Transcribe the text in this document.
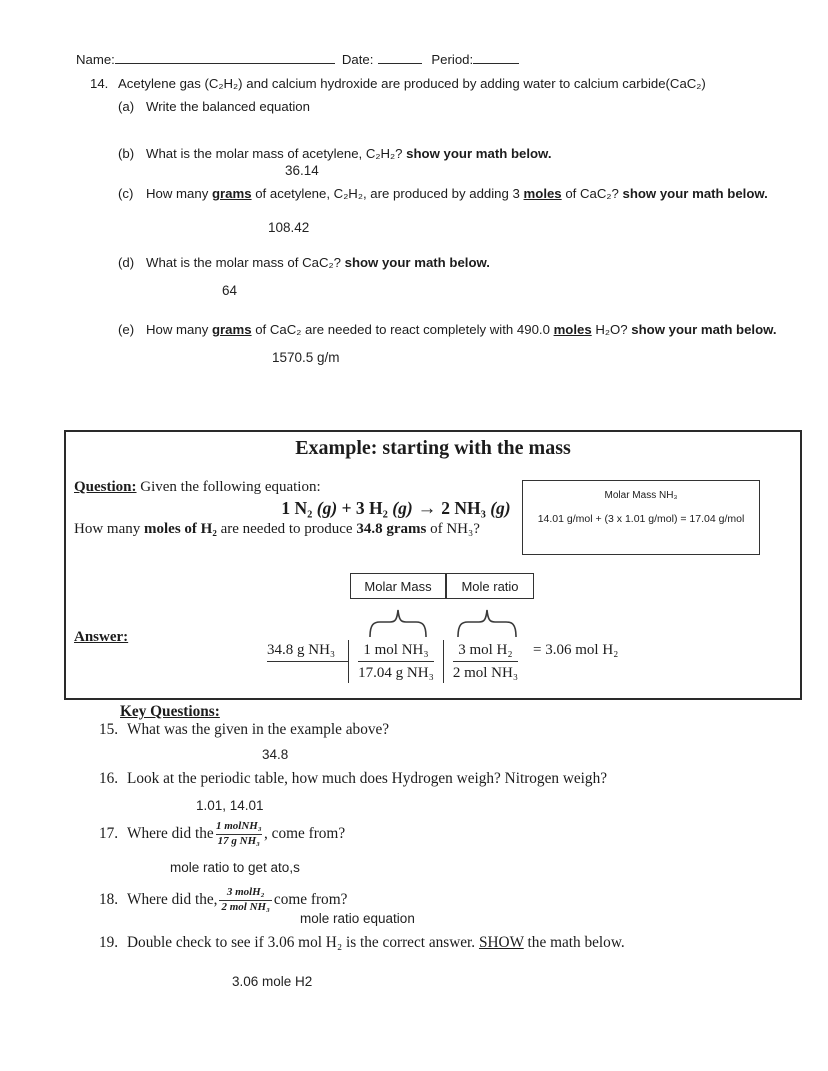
Name:	Date:	Period:
14. Acetylene gas (C₂H₂) and calcium hydroxide are produced by adding water to calcium carbide(CaC₂)
(a) Write the balanced equation
(b) What is the molar mass of acetylene, C₂H₂? show your math below.
36.14
(c) How many grams of acetylene, C₂H₂, are produced by adding 3 moles of CaC₂? show your math below.
108.42
(d) What is the molar mass of CaC₂? show your math below.
64
(e) How many grams of CaC₂ are needed to react completely with 490.0 moles H₂O? show your math below.
1570.5 g/m
Example: starting with the mass
Question: Given the following equation:
1 N₂ (g) + 3 H₂ (g) → 2 NH₃ (g)
How many moles of H₂ are needed to produce 34.8 grams of NH₃?
Molar Mass NH₃
14.01 g/mol + (3 x 1.01 g/mol) = 17.04 g/mol
Molar Mass	Mole ratio
Answer:
34.8 g NH₃	1 mol NH₃
17.04 g NH₃
3 mol H₂
2 mol NH₃
= 3.06 mol H₂
Key Questions:
15. What was the given in the example above?
34.8
16. Look at the periodic table, how much does Hydrogen weigh? Nitrogen weigh?
1.01, 14.01
17. Where did the $\frac{\text{1 molNH₃}}{\text{17 g NH₃}}$ , come from?
mole ratio to get ato,s
18. Where did the, $\frac{\text{3 molH₂}}{\text{2 mol NH₃}}$ come from?
mole ratio equation
19. Double check to see if 3.06 mol H₂ is the correct answer. SHOW the math below.
3.06 mole H2
